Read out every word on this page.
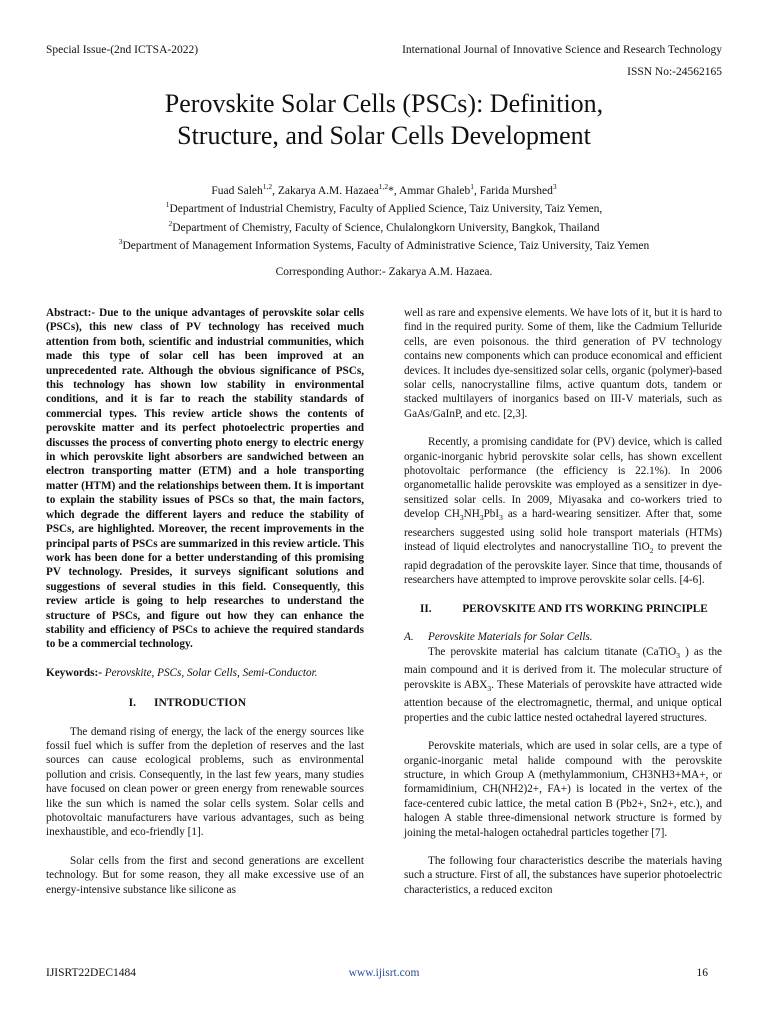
Special Issue-(2nd ICTSA-2022)	International Journal of Innovative Science and Research Technology
ISSN No:-24562165
Perovskite Solar Cells (PSCs): Definition,
Structure, and Solar Cells Development
Fuad Saleh$^{1,2}$, Zakarya A.M. Hazaea$^{1,2}$*, Ammar Ghaleb$^1$, Farida Murshed$^3$
$^1$Department of Industrial Chemistry, Faculty of Applied Science, Taiz University, Taiz Yemen,
$^2$Department of Chemistry, Faculty of Science, Chulalongkorn University, Bangkok, Thailand
$^3$Department of Management Information Systems, Faculty of Administrative Science, Taiz University, Taiz Yemen
Corresponding Author:- Zakarya A.M. Hazaea.

Abstract:- Due to the unique advantages of perovskite solar cells (PSCs), this new class of PV technology has received much attention from both, scientific and industrial communities, which made this type of solar cell has been improved at an unprecedented rate. Although the obvious significance of PSCs, this technology has shown low stability in environmental conditions, and it is far to reach the stability standards of commercial types. This review article shows the contents of perovskite matter and its perfect photoelectric properties and discusses the process of converting photo energy to electric energy in which perovskite light absorbers are sandwiched between an electron transporting matter (ETM) and a hole transporting matter (HTM) and the relationships between them. It is important to explain the stability issues of PSCs so that, the main factors, which degrade the different layers and reduce the stability of PSCs, are highlighted. Moreover, the recent improvements in the principal parts of PSCs are summarized in this review article. This work has been done for a better understanding of this promising PV technology. Presides, it surveys significant solutions and suggestions of several studies in this field. Consequently, this review article is going to help researches to understand the structure of PSCs, and figure out how they can enhance the stability and efficiency of PSCs to achieve the required standards to be a commercial technology.

Keywords:- Perovskite, PSCs, Solar Cells, Semi-Conductor.

I.	INTRODUCTION

The demand rising of energy, the lack of the energy sources like fossil fuel which is suffer from the depletion of reserves and the last sources can cause ecological problems, such as environmental pollution and crisis. Consequently, in the last few years, many studies have focused on clean power or green energy from renewable sources like the sun which is named the solar cells system. Solar cells and photovoltaic manufacturers have various advantages, such as being inexhaustible, and eco-friendly [1].

Solar cells from the first and second generations are excellent technology. But for some reason, they all make excessive use of an energy-intensive substance like silicone as

well as rare and expensive elements. We have lots of it, but it is hard to find in the required purity. Some of them, like the Cadmium Telluride cells, are even poisonous. the third generation of PV technology contains new components which can produce economical and efficient devices. It includes dye-sensitized solar cells, organic (polymer)-based solar cells, nanocrystalline films, active quantum dots, tandem or stacked multilayers of inorganics based on III-V materials, such as GaAs/GaInP, and etc. [2,3].

Recently, a promising candidate for (PV) device, which is called organic-inorganic hybrid perovskite solar cells, has shown excellent photovoltaic performance (the efficiency is 22.1%). In 2006 organometallic halide perovskite was employed as a sensitizer in dye-sensitized solar cells. In 2009, Miyasaka and co-workers tried to develop $CH_3NH_3PbI_3$ as a hard-wearing sensitizer. After that, some researchers suggested using solid hole transport materials (HTMs) instead of liquid electrolytes and nanocrystalline TiO$_2$ to prevent the rapid degradation of the perovskite layer. Since that time, thousands of researchers have attempted to improve perovskite solar cells. [4-6].

II.	PEROVSKITE AND ITS WORKING PRINCIPLE

A. Perovskite Materials for Solar Cells.

The perovskite material has calcium titanate (CaTiO$_3$ ) as the main compound and it is derived from it. The molecular structure of perovskite is $ABX_3$. These Materials of perovskite have attracted wide attention because of the electromagnetic, thermal, and unique optical properties and the cubic lattice nested octahedral layered structures.

Perovskite materials, which are used in solar cells, are a type of organic-inorganic metal halide compound with the perovskite structure, in which Group A (methylammonium, CH3NH3+MA+, or formamidinium, CH(NH2)2+, FA+) is located in the vertex of the face-centered cubic lattice, the metal cation B (Pb2+, Sn2+, etc.), and halogen A stable three-dimensional network structure is formed by joining the metal-halogen octahedral particles together [7].

The following four characteristics describe the materials having such a structure. First of all, the substances have superior photoelectric characteristics, a reduced exciton

IJISRT22DEC1484	www.ijisrt.com	16
